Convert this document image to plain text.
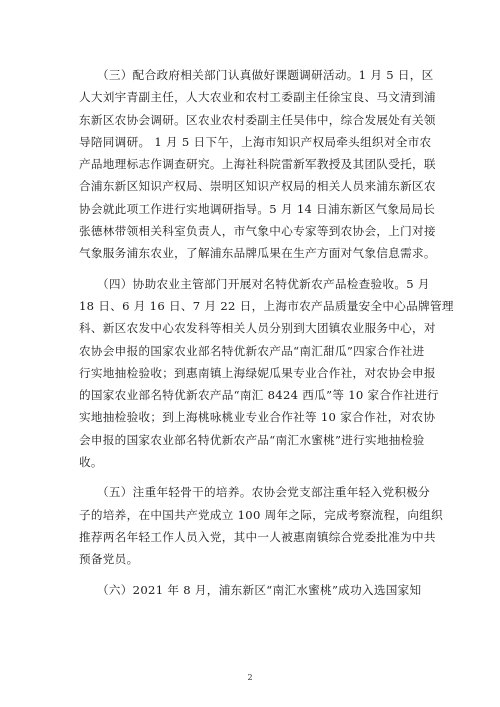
　　（三）配合政府相关部门认真做好课题调研活动。1 月 5 日，区
人大刘宇青副主任，人大农业和农村工委副主任徐宝良、马文清到浦
东新区农协会调研。区农业农村委副主任吴伟中，综合发展处有关领
导陪同调研。 1 月 5 日下午，上海市知识产权局牵头组织对全市农
产品地理标志作调查研究。上海社科院雷新军教授及其团队受托，联
合浦东新区知识产权局、崇明区知识产权局的相关人员来浦东新区农
协会就此项工作进行实地调研指导。5 月 14 日浦东新区气象局局长
张德林带领相关科室负责人，市气象中心专家等到农协会，上门对接
气象服务浦东农业，了解浦东品牌瓜果在生产方面对气象信息需求。

　　（四）协助农业主管部门开展对名特优新农产品检查验收。5 月
18 日、6 月 16 日、7 月 22 日，上海市农产品质量安全中心品牌管理
科、新区农发中心农发科等相关人员分别到大团镇农业服务中心，对
农协会申报的国家农业部名特优新农产品“南汇甜瓜”四家合作社进
行实地抽检验收；到惠南镇上海绿妮瓜果专业合作社，对农协会申报
的国家农业部名特优新农产品“南汇 8424 西瓜”等 10 家合作社进行
实地抽检验收；到上海桃咏桃业专业合作社等 10 家合作社，对农协
会申报的国家农业部名特优新农产品“南汇水蜜桃”进行实地抽检验
收。

　　（五）注重年轻骨干的培养。农协会党支部注重年轻入党积极分
子的培养，在中国共产党成立 100 周年之际，完成考察流程，向组织
推荐两名年轻工作人员入党，其中一人被惠南镇综合党委批准为中共
预备党员。

　　（六）2021 年 8 月，浦东新区“南汇水蜜桃”成功入选国家知

2
